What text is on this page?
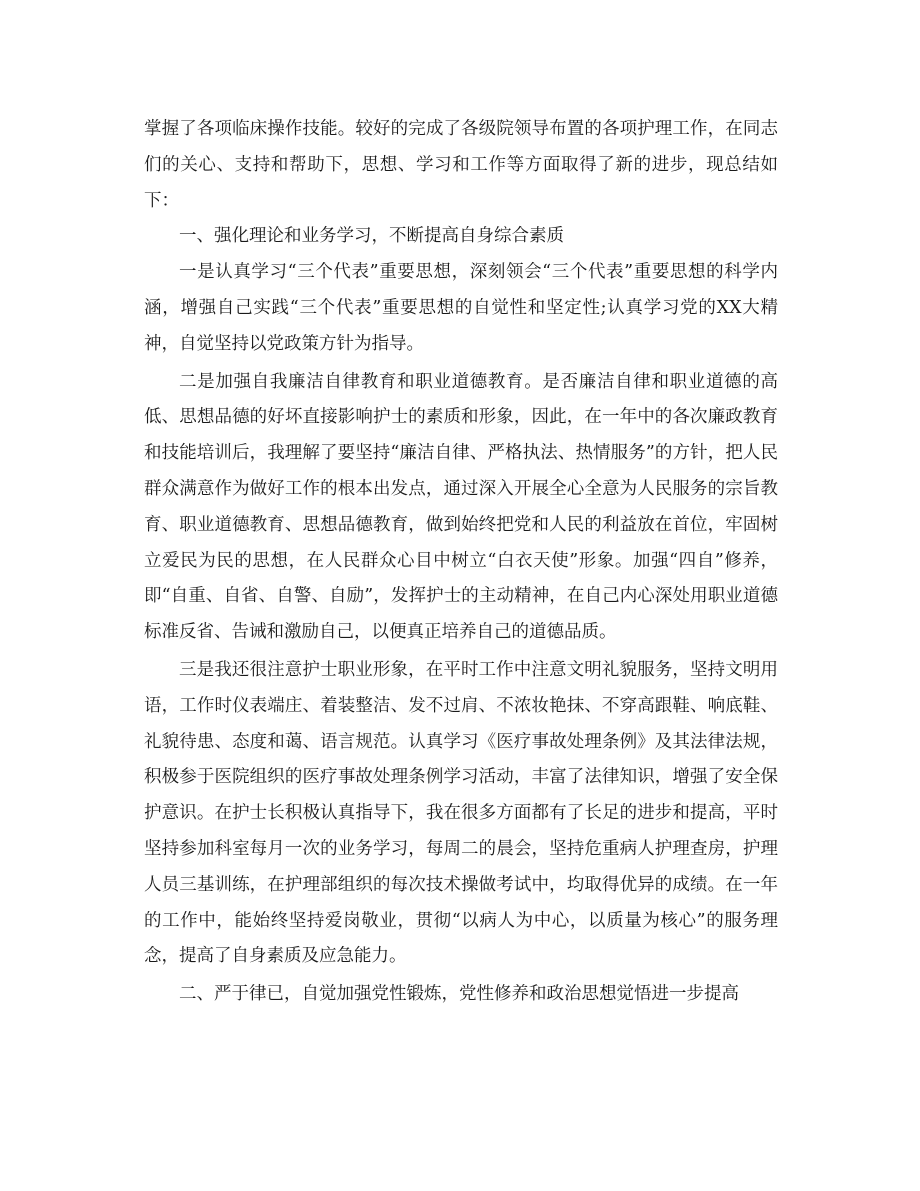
掌握了各项临床操作技能。较好的完成了各级院领导布置的各项护理工作，在同志们的关心、支持和帮助下，思想、学习和工作等方面取得了新的进步，现总结如下：

一、强化理论和业务学习，不断提高自身综合素质

一是认真学习“三个代表”重要思想，深刻领会“三个代表”重要思想的科学内涵，增强自己实践“三个代表”重要思想的自觉性和坚定性;认真学习党的XX大精神，自觉坚持以党政策方针为指导。

二是加强自我廉洁自律教育和职业道德教育。是否廉洁自律和职业道德的高低、思想品德的好坏直接影响护士的素质和形象，因此，在一年中的各次廉政教育和技能培训后，我理解了要坚持“廉洁自律、严格执法、热情服务”的方针，把人民群众满意作为做好工作的根本出发点，通过深入开展全心全意为人民服务的宗旨教育、职业道德教育、思想品德教育，做到始终把党和人民的利益放在首位，牢固树立爱民为民的思想，在人民群众心目中树立“白衣天使”形象。加强“四自”修养，即“自重、自省、自警、自励”，发挥护士的主动精神，在自己内心深处用职业道德标准反省、告诫和激励自己，以便真正培养自己的道德品质。

三是我还很注意护士职业形象，在平时工作中注意文明礼貌服务，坚持文明用语，工作时仪表端庄、着装整洁、发不过肩、不浓妆艳抹、不穿高跟鞋、响底鞋、礼貌待患、态度和蔼、语言规范。认真学习《医疗事故处理条例》及其法律法规，积极参于医院组织的医疗事故处理条例学习活动，丰富了法律知识，增强了安全保护意识。在护士长积极认真指导下，我在很多方面都有了长足的进步和提高，平时坚持参加科室每月一次的业务学习，每周二的晨会，坚持危重病人护理查房，护理人员三基训练，在护理部组织的每次技术操做考试中，均取得优异的成绩。在一年的工作中，能始终坚持爱岗敬业，贯彻“以病人为中心，以质量为核心”的服务理念，提高了自身素质及应急能力。

二、严于律已，自觉加强党性锻炼，党性修养和政治思想觉悟进一步提高
